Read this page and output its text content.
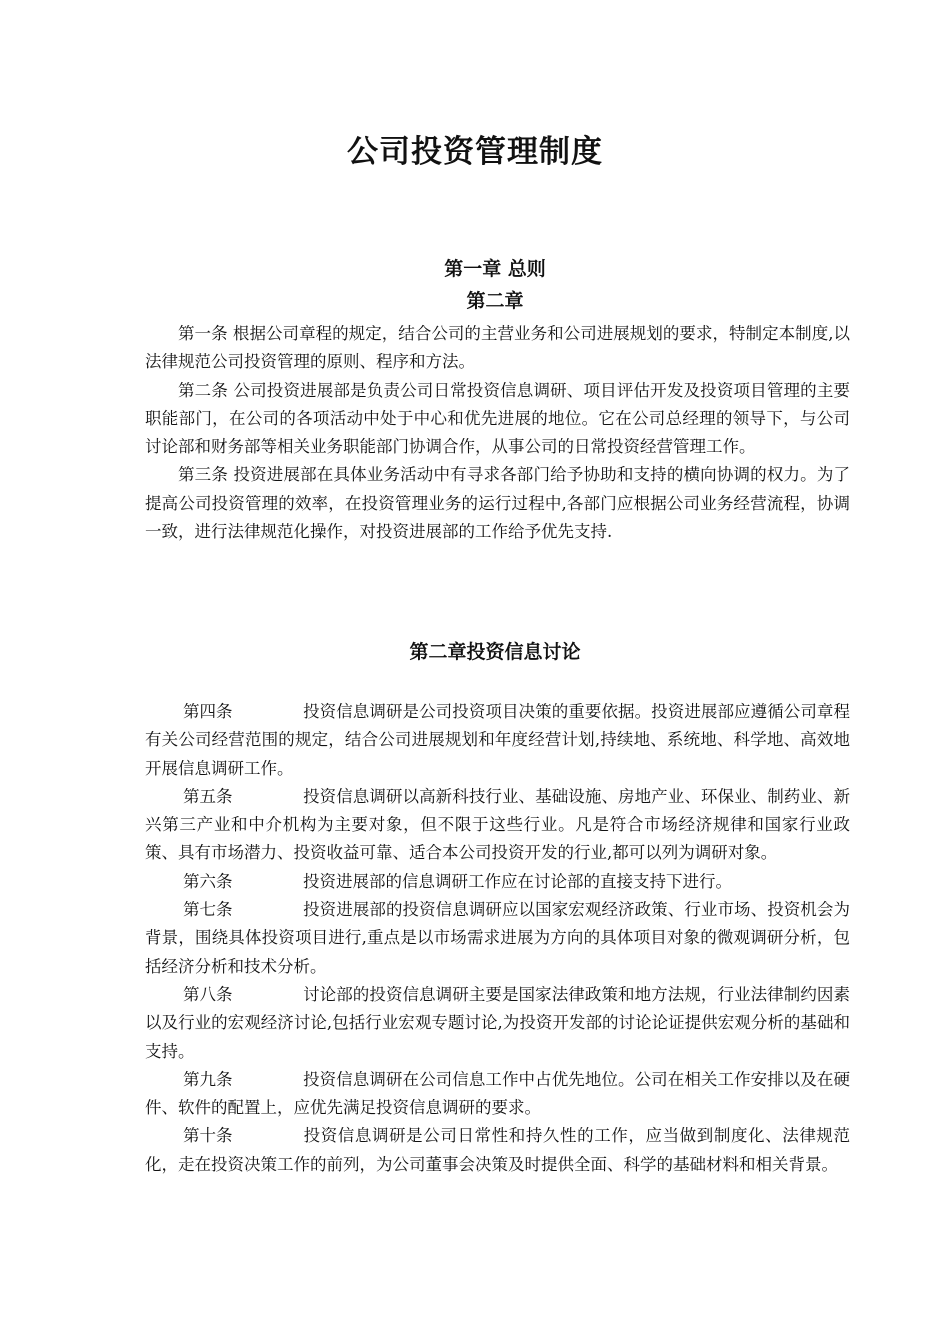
公司投资管理制度
第一章 总则
第二章

第一条 根据公司章程的规定，结合公司的主营业务和公司进展规划的要求，特制定本制度,以法律规范公司投资管理的原则、程序和方法。

第二条 公司投资进展部是负责公司日常投资信息调研、项目评估开发及投资项目管理的主要职能部门，在公司的各项活动中处于中心和优先进展的地位。它在公司总经理的领导下，与公司讨论部和财务部等相关业务职能部门协调合作，从事公司的日常投资经营管理工作。

第三条 投资进展部在具体业务活动中有寻求各部门给予协助和支持的横向协调的权力。为了提高公司投资管理的效率，在投资管理业务的运行过程中,各部门应根据公司业务经营流程，协调一致，进行法律规范化操作，对投资进展部的工作给予优先支持.

第二章投资信息讨论

第四条	投资信息调研是公司投资项目决策的重要依据。投资进展部应遵循公司章程有关公司经营范围的规定，结合公司进展规划和年度经营计划,持续地、系统地、科学地、高效地开展信息调研工作。

第五条	投资信息调研以高新科技行业、基础设施、房地产业、环保业、制药业、新兴第三产业和中介机构为主要对象，但不限于这些行业。凡是符合市场经济规律和国家行业政策、具有市场潜力、投资收益可靠、适合本公司投资开发的行业,都可以列为调研对象。

第六条	投资进展部的信息调研工作应在讨论部的直接支持下进行。

第七条	投资进展部的投资信息调研应以国家宏观经济政策、行业市场、投资机会为背景，围绕具体投资项目进行,重点是以市场需求进展为方向的具体项目对象的微观调研分析，包括经济分析和技术分析。

第八条	讨论部的投资信息调研主要是国家法律政策和地方法规，行业法律制约因素以及行业的宏观经济讨论,包括行业宏观专题讨论,为投资开发部的讨论论证提供宏观分析的基础和支持。

第九条	投资信息调研在公司信息工作中占优先地位。公司在相关工作安排以及在硬件、软件的配置上，应优先满足投资信息调研的要求。

第十条	投资信息调研是公司日常性和持久性的工作，应当做到制度化、法律规范化，走在投资决策工作的前列，为公司董事会决策及时提供全面、科学的基础材料和相关背景。
